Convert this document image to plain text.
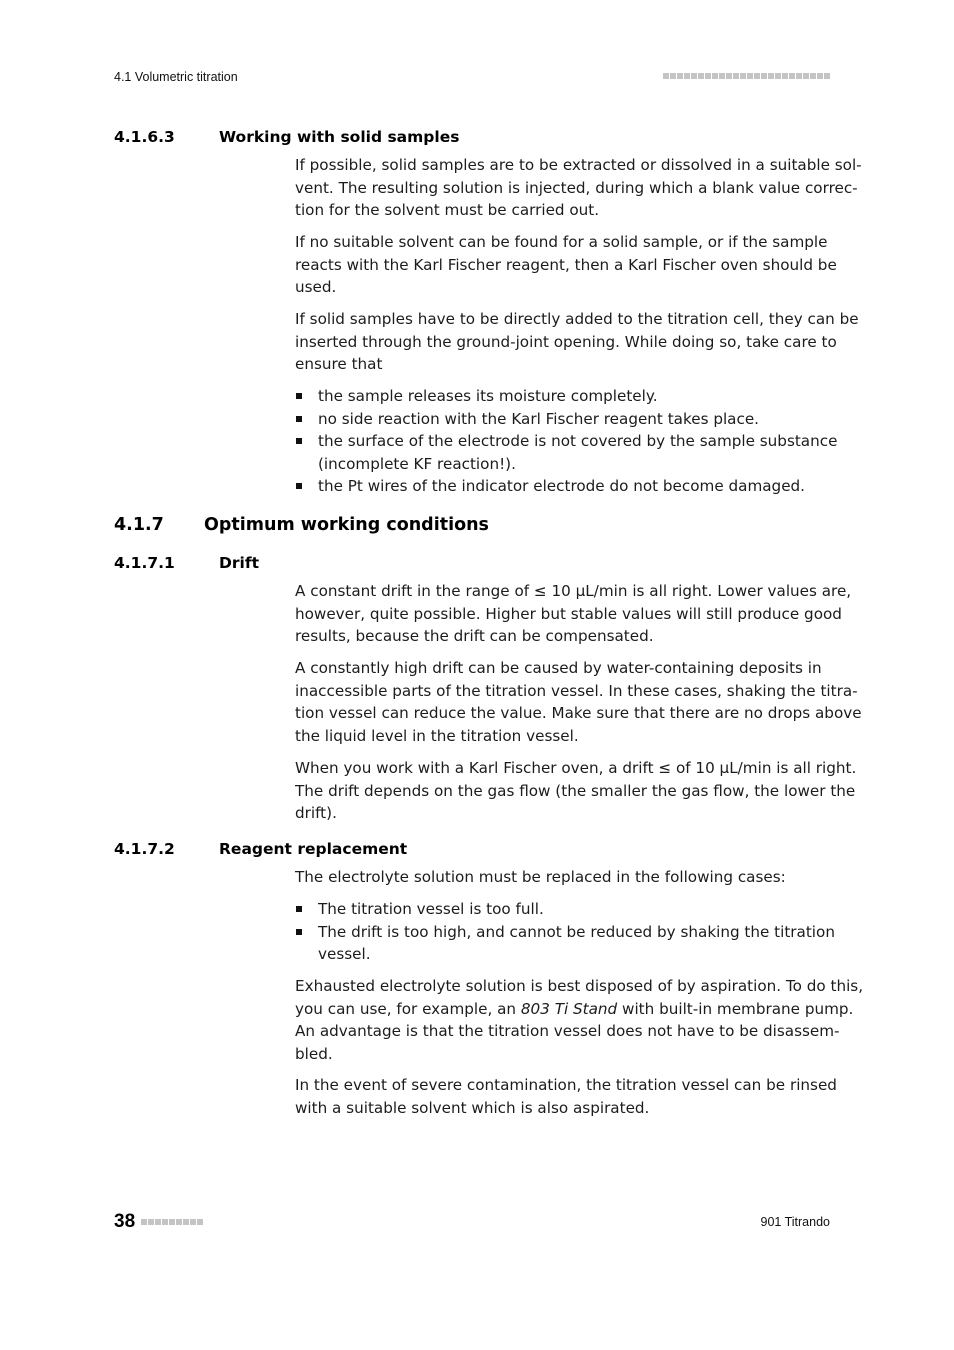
4.1 Volumetric titration
4.1.6.3	Working with solid samples
If possible, solid samples are to be extracted or dissolved in a suitable sol-
vent. The resulting solution is injected, during which a blank value correc-
tion for the solvent must be carried out.
If no suitable solvent can be found for a solid sample, or if the sample
reacts with the Karl Fischer reagent, then a Karl Fischer oven should be
used.
If solid samples have to be directly added to the titration cell, they can be
inserted through the ground-joint opening. While doing so, take care to
ensure that
the sample releases its moisture completely.
no side reaction with the Karl Fischer reagent takes place.
the surface of the electrode is not covered by the sample substance
(incomplete KF reaction!).
the Pt wires of the indicator electrode do not become damaged.
4.1.7 Optimum working conditions
4.1.7.1	Drift
A constant drift in the range of ≤ 10 µL/min is all right. Lower values are,
however, quite possible. Higher but stable values will still produce good
results, because the drift can be compensated.
A constantly high drift can be caused by water-containing deposits in
inaccessible parts of the titration vessel. In these cases, shaking the titra-
tion vessel can reduce the value. Make sure that there are no drops above
the liquid level in the titration vessel.
When you work with a Karl Fischer oven, a drift ≤ of 10 µL/min is all right.
The drift depends on the gas flow (the smaller the gas flow, the lower the
drift).
4.1.7.2	Reagent replacement
The electrolyte solution must be replaced in the following cases:
The titration vessel is too full.
The drift is too high, and cannot be reduced by shaking the titration
vessel.
Exhausted electrolyte solution is best disposed of by aspiration. To do this,
you can use, for example, an 803 Ti Stand with built-in membrane pump.
An advantage is that the titration vessel does not have to be disassem-
bled.
In the event of severe contamination, the titration vessel can be rinsed
with a suitable solvent which is also aspirated.
38	901 Titrando
